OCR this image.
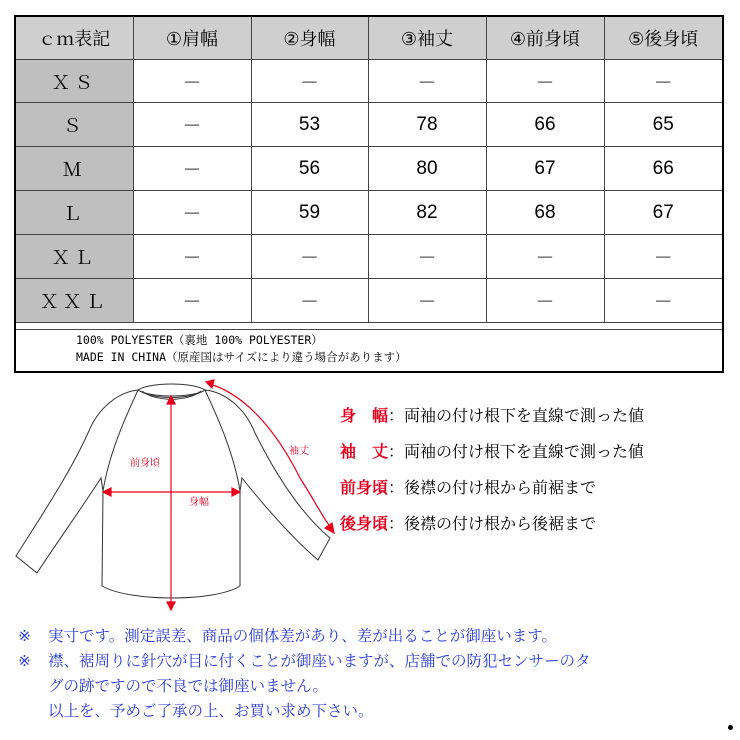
ｃｍ表記	①肩幅	②身幅	③袖丈	④前身頃	⑤後身頃
ＸＳ	－	－	－	－	－
Ｓ	－	53	78	66	65
Ｍ	－	56	80	67	66
Ｌ	－	59	82	68	67
ＸＬ	－	－	－	－	－
ＸＸＬ	－	－	－	－	－
100% POLYESTER（裏地 100% POLYESTER）
MADE IN CHINA（原産国はサイズにより違う場合があります）
前身頃
身幅
袖丈
身　幅：両袖の付け根下を直線で測った値
袖　丈：両袖の付け根下を直線で測った値
前身頃：後襟の付け根から前裾まで
後身頃：後襟の付け根から後裾まで
※ 実寸です。測定誤差、商品の個体差があり、差が出ることが御座います。
※ 襟、裾周りに針穴が目に付くことが御座いますが、店舗での防犯センサーのタ
グの跡ですので不良では御座いません。
以上を、予めご了承の上、お買い求め下さい。
